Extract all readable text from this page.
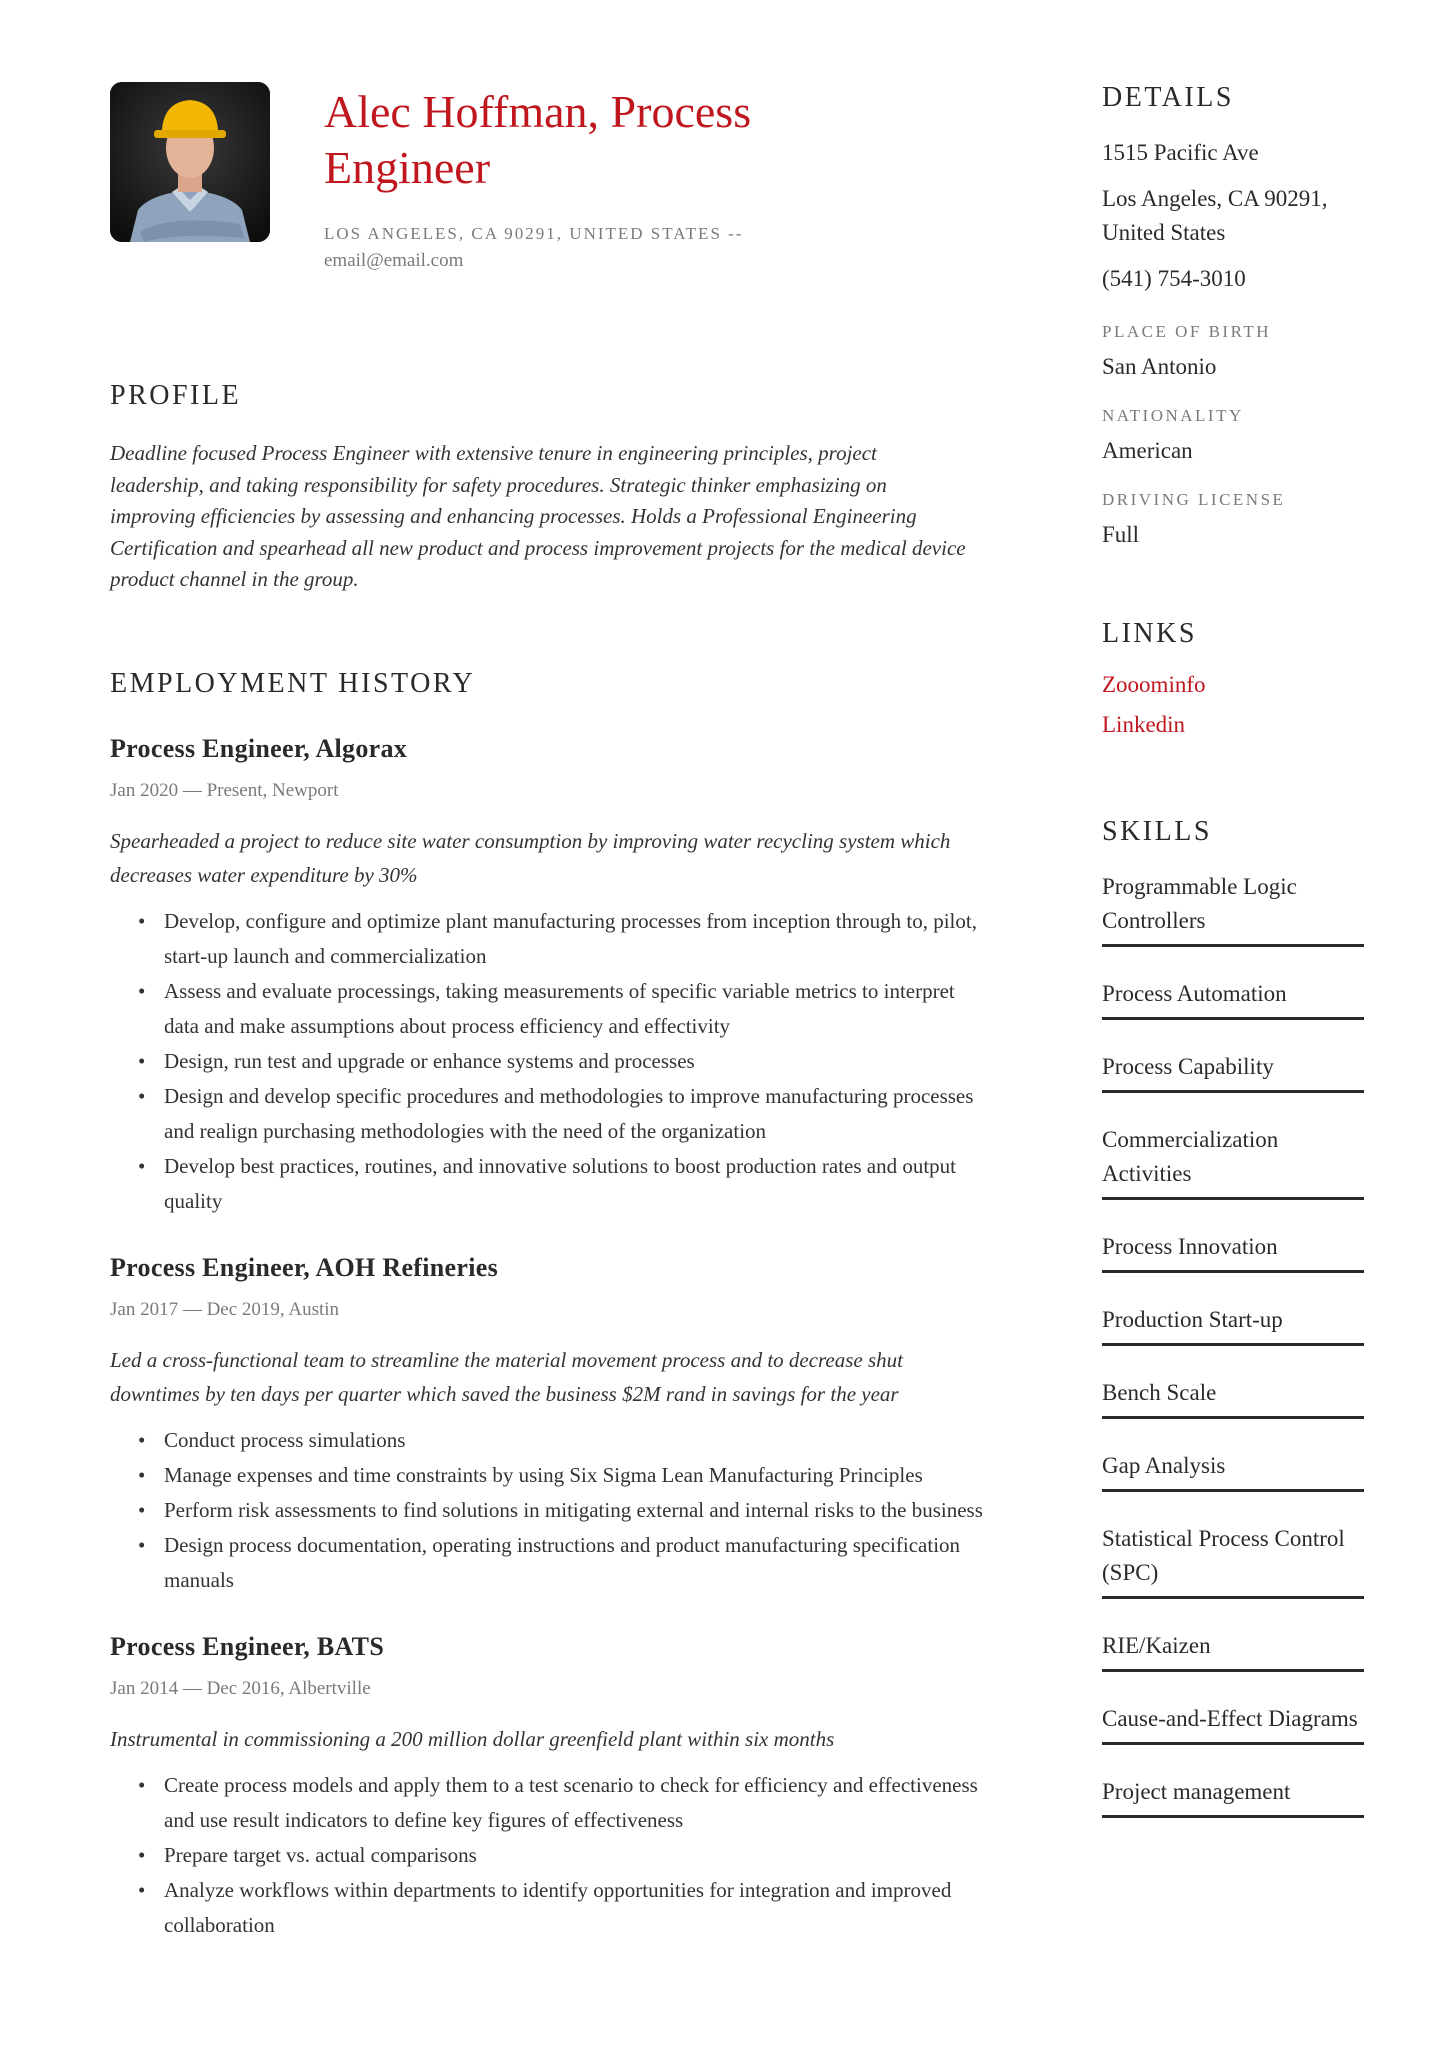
Alec Hoffman, Process Engineer
LOS ANGELES, CA 90291, UNITED STATES --
email@email.com
PROFILE
Deadline focused Process Engineer with extensive tenure in engineering principles, project leadership, and taking responsibility for safety procedures. Strategic thinker emphasizing on improving efficiencies by assessing and enhancing processes. Holds a Professional Engineering Certification and spearhead all new product and process improvement projects for the medical device product channel in the group.
EMPLOYMENT HISTORY
Process Engineer, Algorax
Jan 2020 — Present, Newport
Spearheaded a project to reduce site water consumption by improving water recycling system which decreases water expenditure by 30%
• Develop, configure and optimize plant manufacturing processes from inception through to, pilot, start-up launch and commercialization
• Assess and evaluate processings, taking measurements of specific variable metrics to interpret data and make assumptions about process efficiency and effectivity
• Design, run test and upgrade or enhance systems and processes
• Design and develop specific procedures and methodologies to improve manufacturing processes and realign purchasing methodologies with the need of the organization
• Develop best practices, routines, and innovative solutions to boost production rates and output quality
Process Engineer, AOH Refineries
Jan 2017 — Dec 2019, Austin
Led a cross-functional team to streamline the material movement process and to decrease shut downtimes by ten days per quarter which saved the business $2M rand in savings for the year
• Conduct process simulations
• Manage expenses and time constraints by using Six Sigma Lean Manufacturing Principles
• Perform risk assessments to find solutions in mitigating external and internal risks to the business
• Design process documentation, operating instructions and product manufacturing specification manuals
Process Engineer, BATS
Jan 2014 — Dec 2016, Albertville
Instrumental in commissioning a 200 million dollar greenfield plant within six months
• Create process models and apply them to a test scenario to check for efficiency and effectiveness and use result indicators to define key figures of effectiveness
• Prepare target vs. actual comparisons
• Analyze workflows within departments to identify opportunities for integration and improved collaboration
DETAILS
1515 Pacific Ave
Los Angeles, CA 90291, United States
(541) 754-3010
PLACE OF BIRTH
San Antonio
NATIONALITY
American
DRIVING LICENSE
Full
LINKS
Zooominfo
Linkedin
SKILLS
Programmable Logic Controllers
Process Automation
Process Capability
Commercialization Activities
Process Innovation
Production Start-up
Bench Scale
Gap Analysis
Statistical Process Control (SPC)
RIE/Kaizen
Cause-and-Effect Diagrams
Project management
